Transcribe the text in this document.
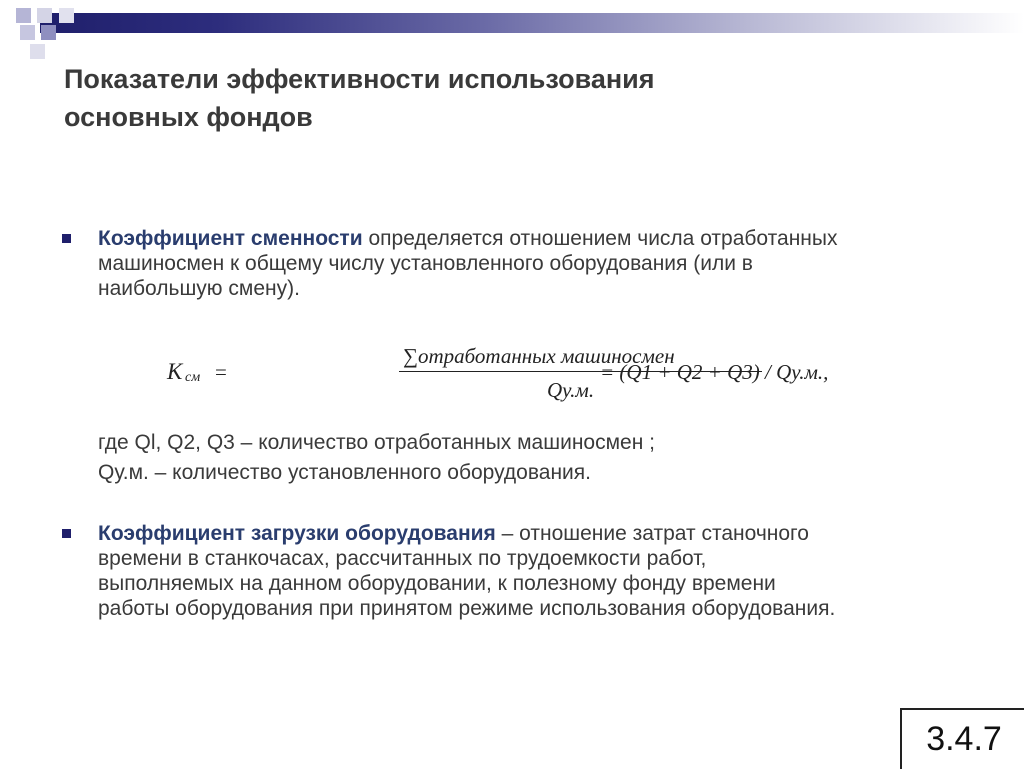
Показатели эффективности использования
основных фондов
Коэффициент сменности определяется отношением числа отработанных
машиносмен к общему числу установленного оборудования (или в
наибольшую смену).
K см =
∑отработанных машиносмен
Qу.м.
= (Q1 + Q2 + Q3) / Qу.м.,
где Ql, Q2, Q3 – количество отработанных машиносмен ;
Qу.м. – количество установленного оборудования.
Коэффициент загрузки оборудования – отношение затрат станочного
времени в станкочасах, рассчитанных по трудоемкости работ,
выполняемых на данном оборудовании, к полезному фонду времени
работы оборудования при принятом режиме использования оборудования.
3.4.7
